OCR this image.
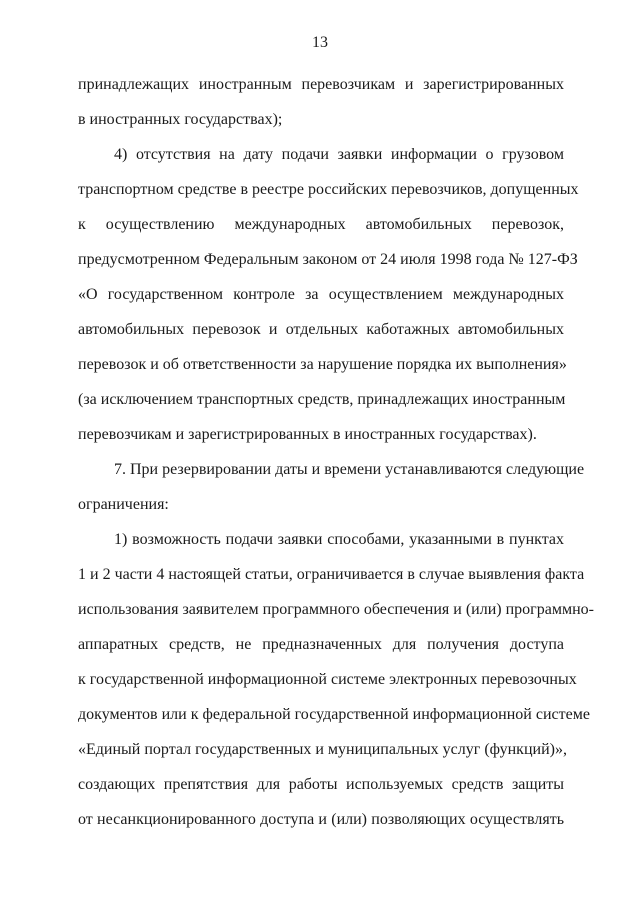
13
принадлежащих иностранным перевозчикам и зарегистрированных
в иностранных государствах);
4) отсутствия на дату подачи заявки информации о грузовом
транспортном средстве в реестре российских перевозчиков, допущенных
к осуществлению международных автомобильных перевозок,
предусмотренном Федеральным законом от 24 июля 1998 года № 127-ФЗ
«О государственном контроле за осуществлением международных
автомобильных перевозок и отдельных каботажных автомобильных
перевозок и об ответственности за нарушение порядка их выполнения»
(за исключением транспортных средств, принадлежащих иностранным
перевозчикам и зарегистрированных в иностранных государствах).
7. При резервировании даты и времени устанавливаются следующие
ограничения:
1) возможность подачи заявки способами, указанными в пунктах
1 и 2 части 4 настоящей статьи, ограничивается в случае выявления факта
использования заявителем программного обеспечения и (или) программно-
аппаратных средств, не предназначенных для получения доступа
к государственной информационной системе электронных перевозочных
документов или к федеральной государственной информационной системе
«Единый портал государственных и муниципальных услуг (функций)»,
создающих препятствия для работы используемых средств защиты
от несанкционированного доступа и (или) позволяющих осуществлять
